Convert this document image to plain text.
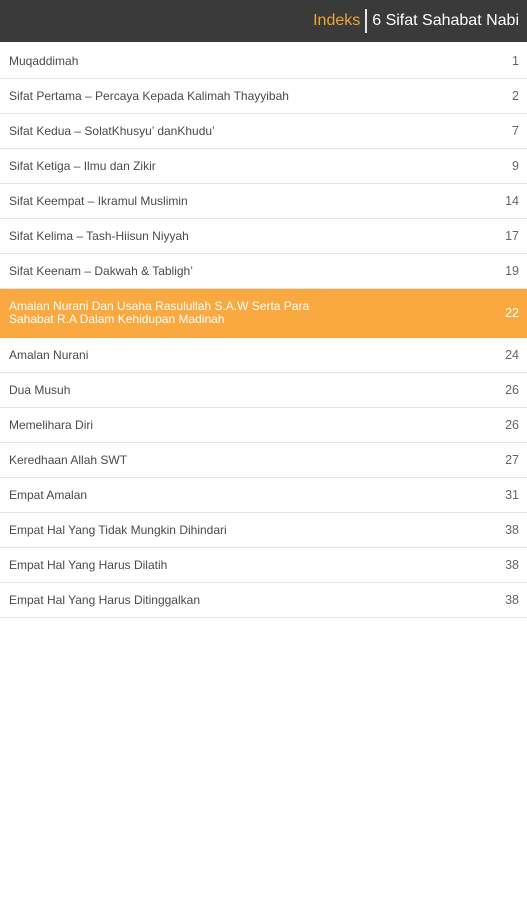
Indeks 6 Sifat Sahabat Nabi
Muqaddimah	1
Sifat Pertama – Percaya Kepada Kalimah Thayyibah	2
Sifat Kedua – SolatKhusyu’ danKhudu’	7
Sifat Ketiga – Ilmu dan Zikir	9
Sifat Keempat – Ikramul Muslimin	14
Sifat Kelima – Tash-Hiisun Niyyah	17
Sifat Keenam – Dakwah & Tabligh’	19
Amalan Nurani Dan Usaha Rasulullah S.A.W Serta Para Sahabat R.A Dalam Kehidupan Madinah	22
Amalan Nurani	24
Dua Musuh	26
Memelihara Diri	26
Keredhaan Allah SWT	27
Empat Amalan	31
Empat Hal Yang Tidak Mungkin Dihindari	38
Empat Hal Yang Harus Dilatih	38
Empat Hal Yang Harus Ditinggalkan	38
